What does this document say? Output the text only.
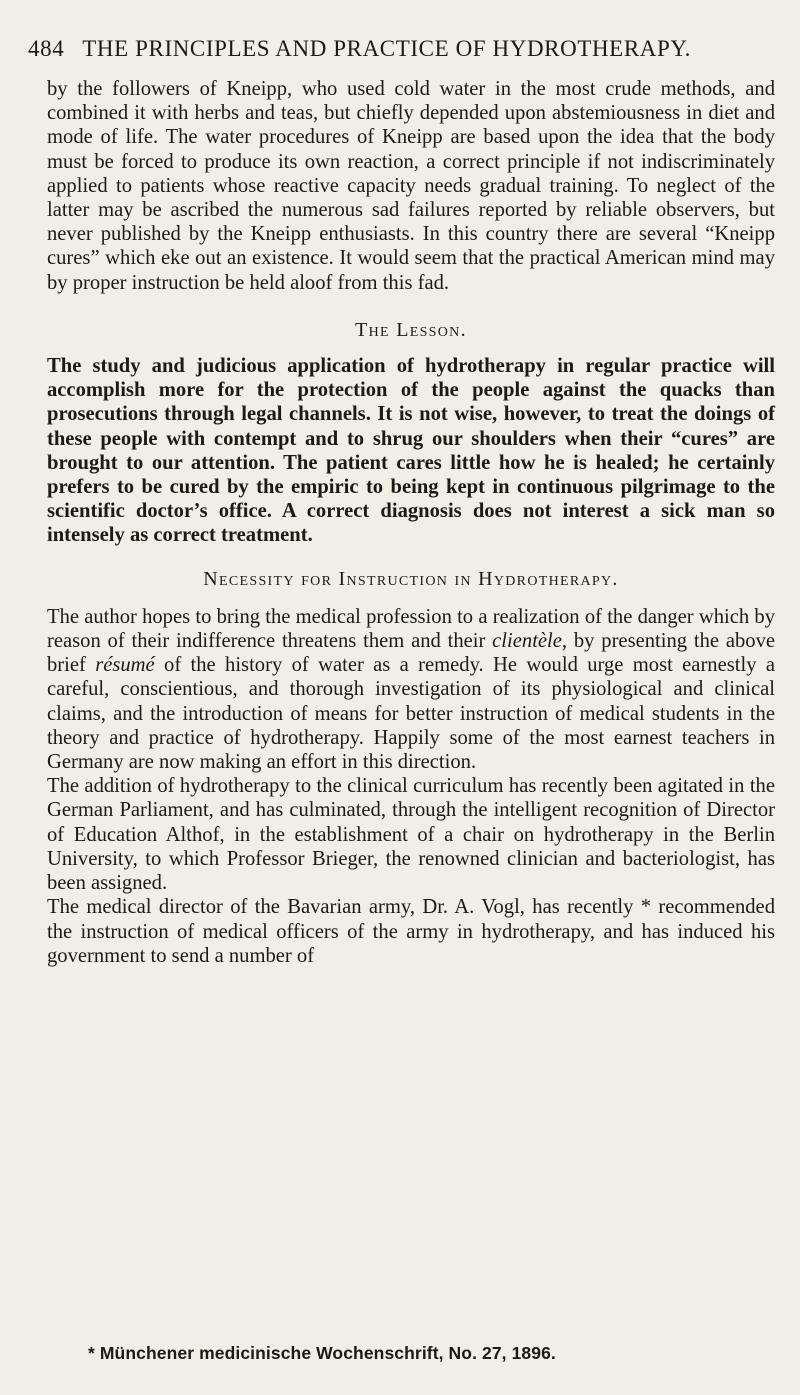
484 THE PRINCIPLES AND PRACTICE OF HYDROTHERAPY.

by the followers of Kneipp, who used cold water in the most crude methods, and combined it with herbs and teas, but chiefly depended upon abstemiousness in diet and mode of life. The water procedures of Kneipp are based upon the idea that the body must be forced to produce its own reaction, a correct principle if not indiscriminately applied to patients whose reactive capacity needs gradual training. To neglect of the latter may be ascribed the numerous sad failures reported by reliable observers, but never published by the Kneipp enthusiasts. In this country there are several “Kneipp cures” which eke out an existence. It would seem that the practical American mind may by proper instruction be held aloof from this fad.

The Lesson.

The study and judicious application of hydrotherapy in regular practice will accomplish more for the protection of the people against the quacks than prosecutions through legal channels. It is not wise, however, to treat the doings of these people with contempt and to shrug our shoulders when their “cures” are brought to our attention. The patient cares little how he is healed; he certainly prefers to be cured by the empiric to being kept in continuous pilgrimage to the scientific doctor’s office. A correct diagnosis does not interest a sick man so intensely as correct treatment.

Necessity for Instruction in Hydrotherapy.

The author hopes to bring the medical profession to a realization of the danger which by reason of their indifference threatens them and their clientèle, by presenting the above brief résumé of the history of water as a remedy. He would urge most earnestly a careful, conscientious, and thorough investigation of its physiological and clinical claims, and the introduction of means for better instruction of medical students in the theory and practice of hydrotherapy. Happily some of the most earnest teachers in Germany are now making an effort in this direction.

The addition of hydrotherapy to the clinical curriculum has recently been agitated in the German Parliament, and has culminated, through the intelligent recognition of Director of Education Althof, in the establishment of a chair on hydrotherapy in the Berlin University, to which Professor Brieger, the renowned clinician and bacteriologist, has been assigned.

The medical director of the Bavarian army, Dr. A. Vogl, has recently * recommended the instruction of medical officers of the army in hydrotherapy, and has induced his government to send a number of

* Münchener medicinische Wochenschrift, No. 27, 1896.
